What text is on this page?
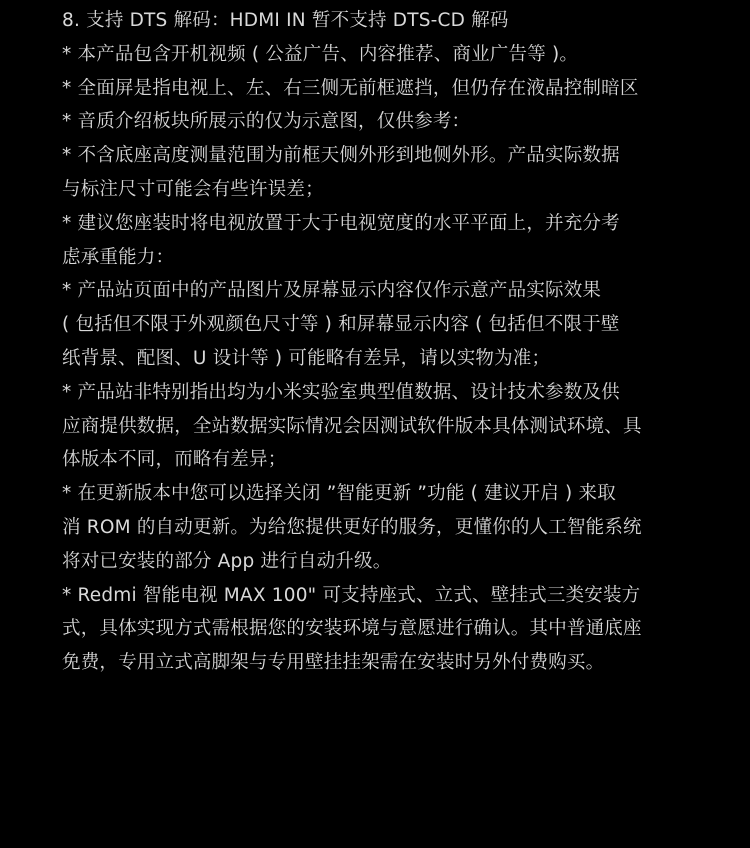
8. 支持 DTS 解码：HDMI IN 暂不支持 DTS-CD 解码
* 本产品包含开机视频 ( 公益广告、内容推荐、商业广告等 )。
* 全面屏是指电视上、左、右三侧无前框遮挡，但仍存在液晶控制暗区
* 音质介绍板块所展示的仅为示意图，仅供参考：
* 不含底座高度测量范围为前框天侧外形到地侧外形。产品实际数据
与标注尺寸可能会有些许误差；
* 建议您座装时将电视放置于大于电视宽度的水平平面上，并充分考
虑承重能力：
* 产品站页面中的产品图片及屏幕显示内容仅作示意产品实际效果
( 包括但不限于外观颜色尺寸等 ) 和屏幕显示内容 ( 包括但不限于壁
纸背景、配图、U 设计等 ) 可能略有差异，请以实物为准；
* 产品站非特别指出均为小米实验室典型值数据、设计技术参数及供
应商提供数据，全站数据实际情况会因测试软件版本具体测试环境、具
体版本不同，而略有差异；
* 在更新版本中您可以选择关闭 ”智能更新 ”功能 ( 建议开启 ) 来取
消 ROM 的自动更新。为给您提供更好的服务，更懂你的人工智能系统
将对已安装的部分 App 进行自动升级。
* Redmi 智能电视 MAX 100" 可支持座式、立式、壁挂式三类安装方
式，具体实现方式需根据您的安装环境与意愿进行确认。其中普通底座
免费，专用立式高脚架与专用壁挂挂架需在安装时另外付费购买。
